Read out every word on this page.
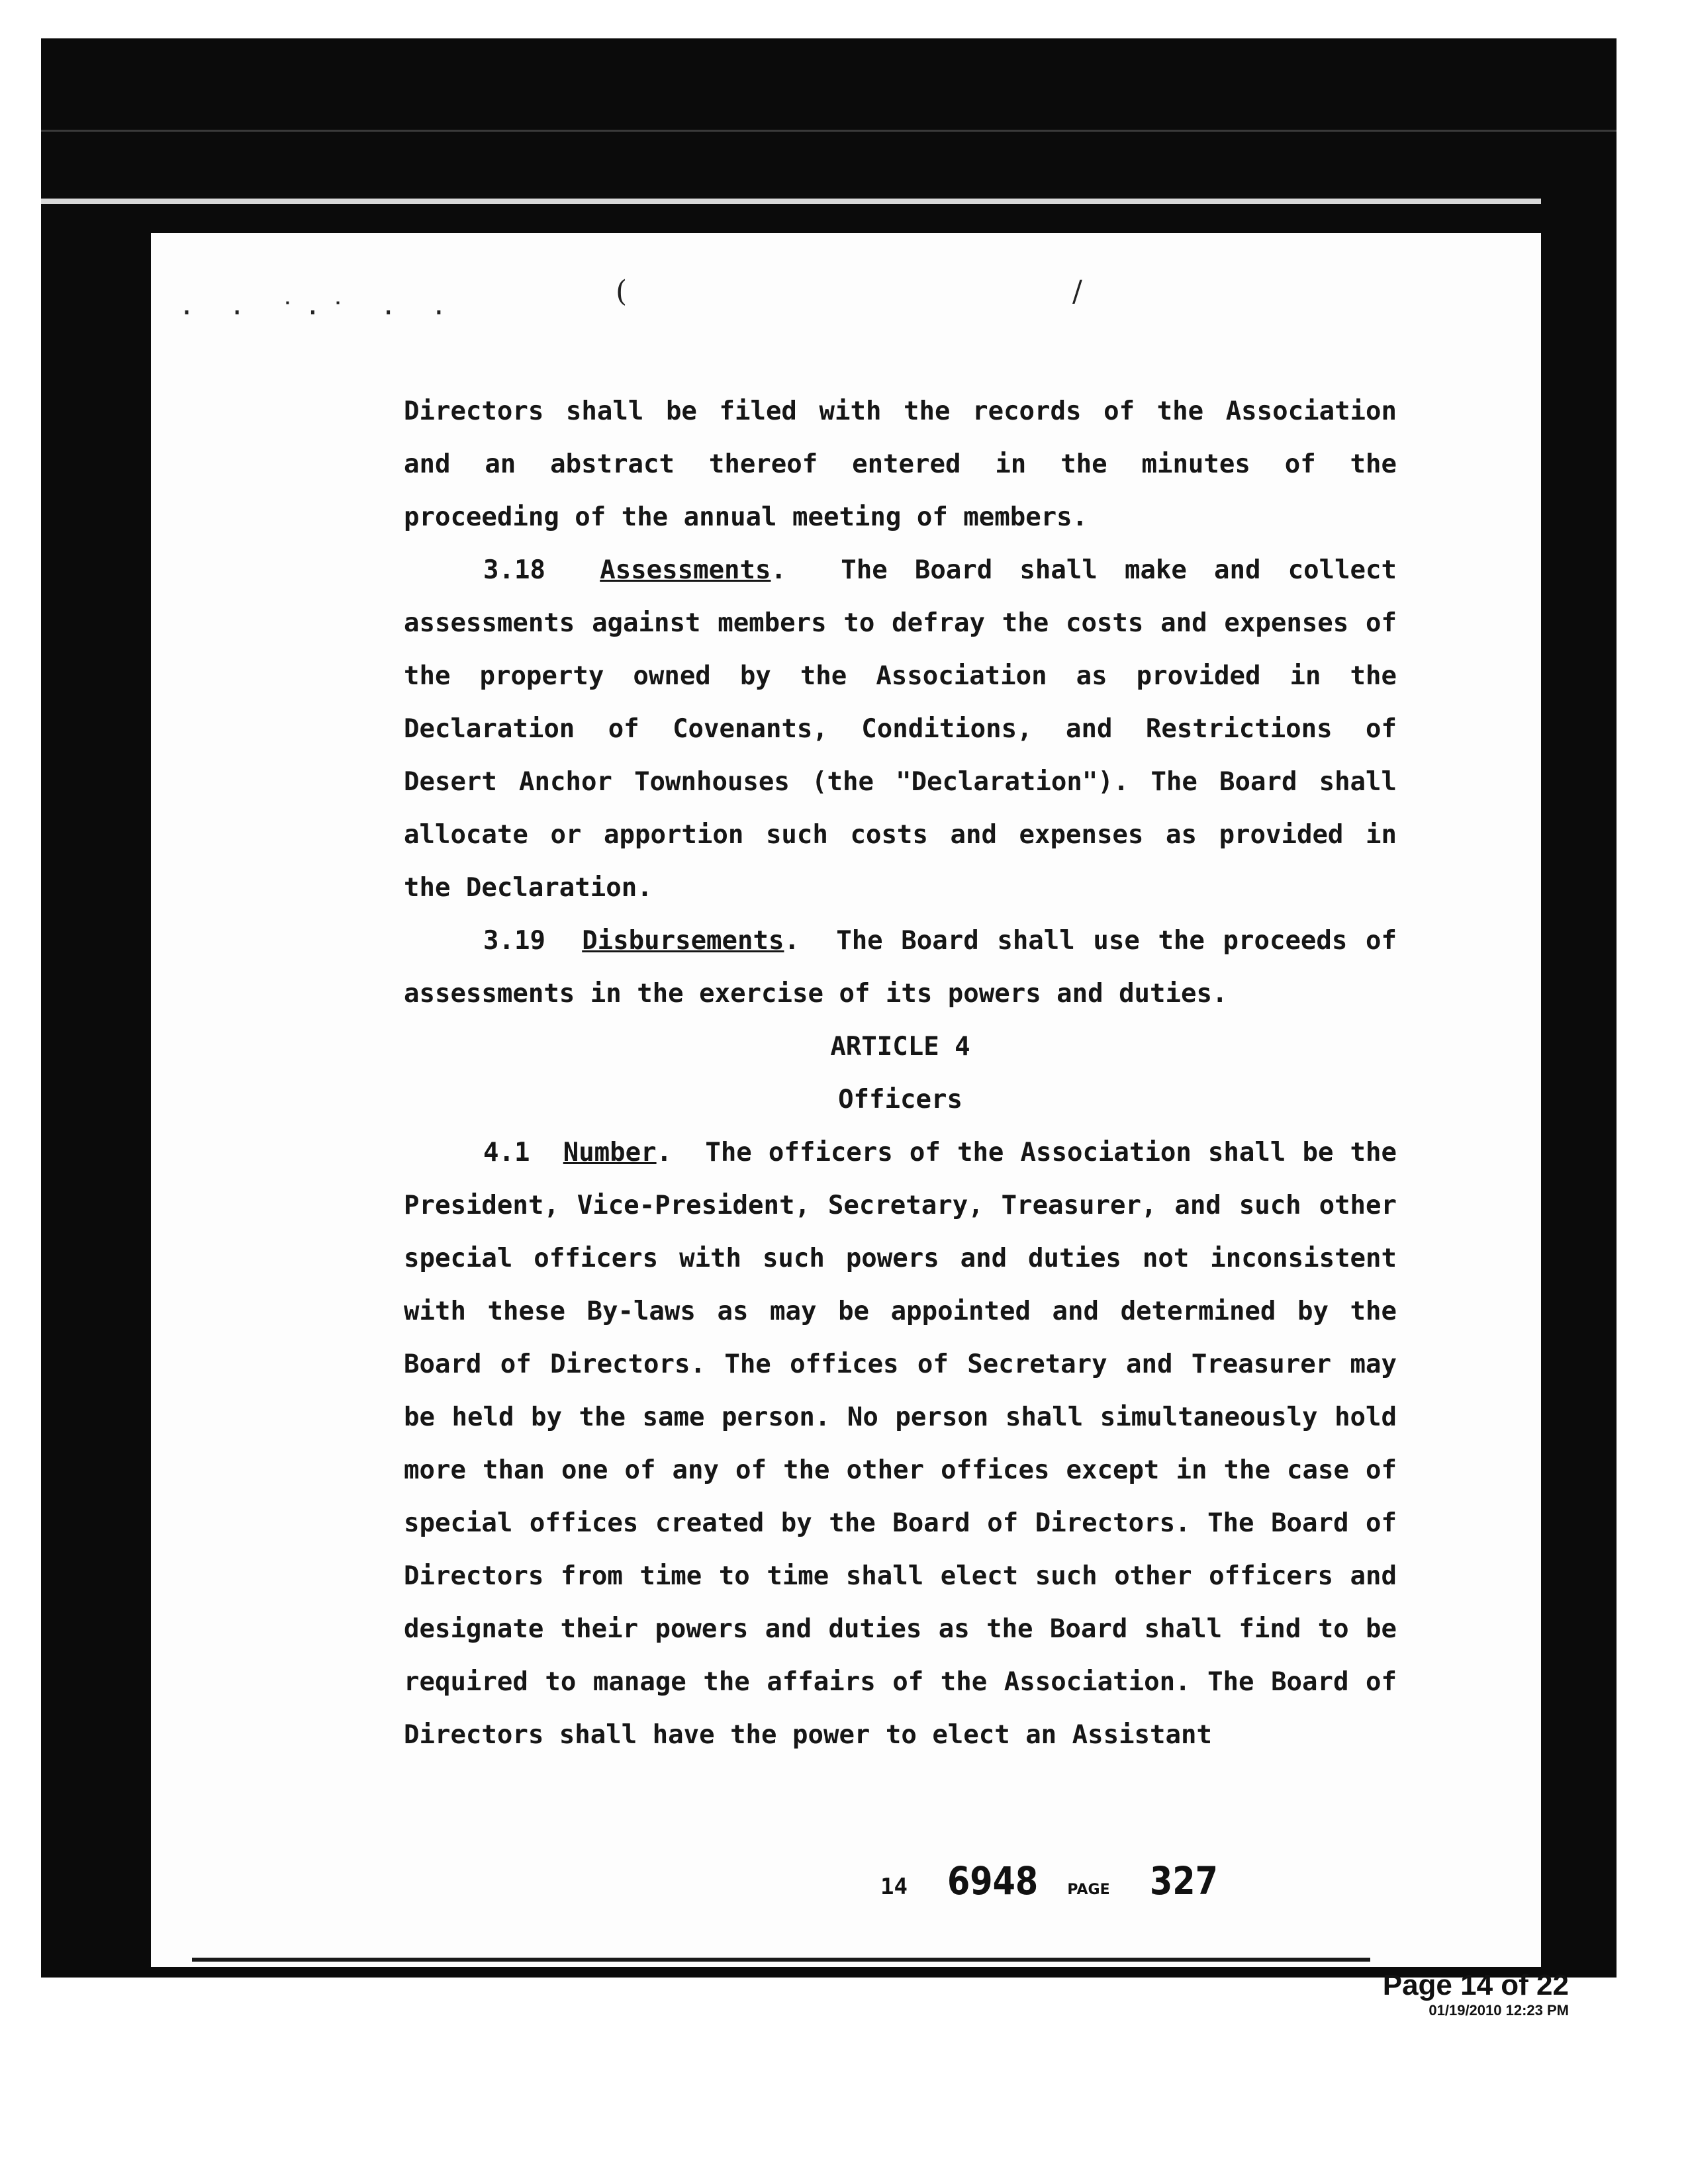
· · ˙·˙ · ·
(	/

Directors shall be filed with the records of the Association and an abstract thereof entered in the minutes of the proceeding of the annual meeting of members.

3.18 Assessments.  The Board shall make and collect assessments against members to defray the costs and expenses of the property owned by the Association as provided in the Declaration of Covenants, Conditions, and Restrictions of Desert Anchor Townhouses (the "Declaration"). The Board shall allocate or apportion such costs and expenses as provided in the Declaration.

3.19 Disbursements.  The Board shall use the proceeds of assessments in the exercise of its powers and duties.

ARTICLE 4

Officers

4.1 Number.  The officers of the Association shall be the President, Vice-President, Secretary, Treasurer, and such other special officers with such powers and duties not inconsistent with these By-laws as may be appointed and determined by the Board of Directors. The offices of Secretary and Treasurer may be held by the same person. No person shall simultaneously hold more than one of any of the other offices except in the case of special offices created by the Board of Directors. The Board of Directors from time to time shall elect such other officers and designate their powers and duties as the Board shall find to be required to manage the affairs of the Association. The Board of Directors shall have the power to elect an Assistant

14 6948 PAGE 327
Page 14 of 22
01/19/2010 12:23 PM
